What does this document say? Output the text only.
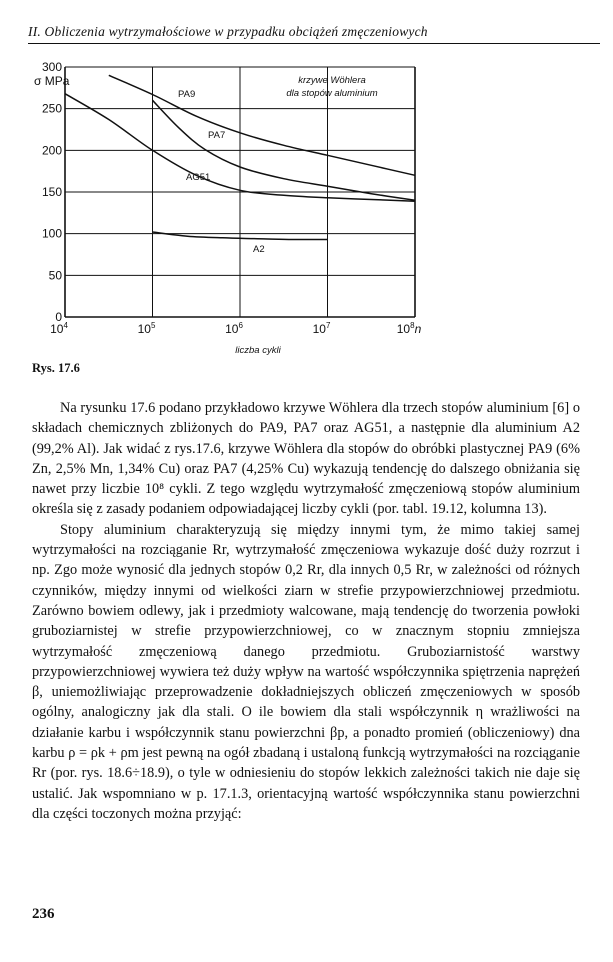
II. Obliczenia wytrzymałościowe w przypadku obciążeń zmęczeniowych
0
50
100
150
200
250
300
$10^4$	$10^5$	$10^6$	$10^7$	$10^8n$
σ MPa
liczba cykli
krzywe Wöhlera
dla stopów aluminium
PA9
PA7
AG51
A2
Rys. 17.6

Na rysunku 17.6 podano przykładowo krzywe Wöhlera dla trzech stopów aluminium [6] o składach chemicznych zbliżonych do PA9, PA7 oraz AG51, a następnie dla aluminium A2 (99,2% Al). Jak widać z rys.17.6, krzywe Wöhlera dla stopów do obróbki plastycznej PA9 (6% Zn, 2,5% Mn, 1,34% Cu) oraz PA7 (4,25% Cu) wykazują tendencję do dalszego obniżania się nawet przy liczbie 10⁸ cykli. Z tego względu wytrzymałość zmęczeniową stopów aluminium określa się z zasady podaniem odpowiadającej liczby cykli (por. tabl. 19.12, kolumna 13).

Stopy aluminium charakteryzują się między innymi tym, że mimo takiej samej wytrzymałości na rozciąganie Rr, wytrzymałość zmęczeniowa wykazuje dość duży rozrzut i np. Zgo może wynosić dla jednych stopów 0,2 Rr, dla innych 0,5 Rr, w zależności od różnych czynników, między innymi od wielkości ziarn w strefie przypowierzchniowej przedmiotu. Zarówno bowiem odlewy, jak i przedmioty walcowane, mają tendencję do tworzenia powłoki gruboziarnistej w strefie przypowierzchniowej, co w znacznym stopniu zmniejsza wytrzymałość zmęczeniową danego przedmiotu. Gruboziarnistość warstwy przypowierzchniowej wywiera też duży wpływ na wartość współczynnika spiętrzenia naprężeń β, uniemożliwiając przeprowadzenie dokładniejszych obliczeń zmęczeniowych w sposób ogólny, analogiczny jak dla stali. O ile bowiem dla stali współczynnik η wrażliwości na działanie karbu i współczynnik stanu powierzchni βp, a ponadto promień (obliczeniowy) dna karbu ρ = ρk + ρm jest pewną na ogół zbadaną i ustaloną funkcją wytrzymałości na rozciąganie Rr (por. rys. 18.6÷18.9), o tyle w odniesieniu do stopów lekkich zależności takich nie daje się ustalić. Jak wspomniano w p. 17.1.3, orientacyjną wartość współczynnika stanu powierzchni dla części toczonych można przyjąć:

236
